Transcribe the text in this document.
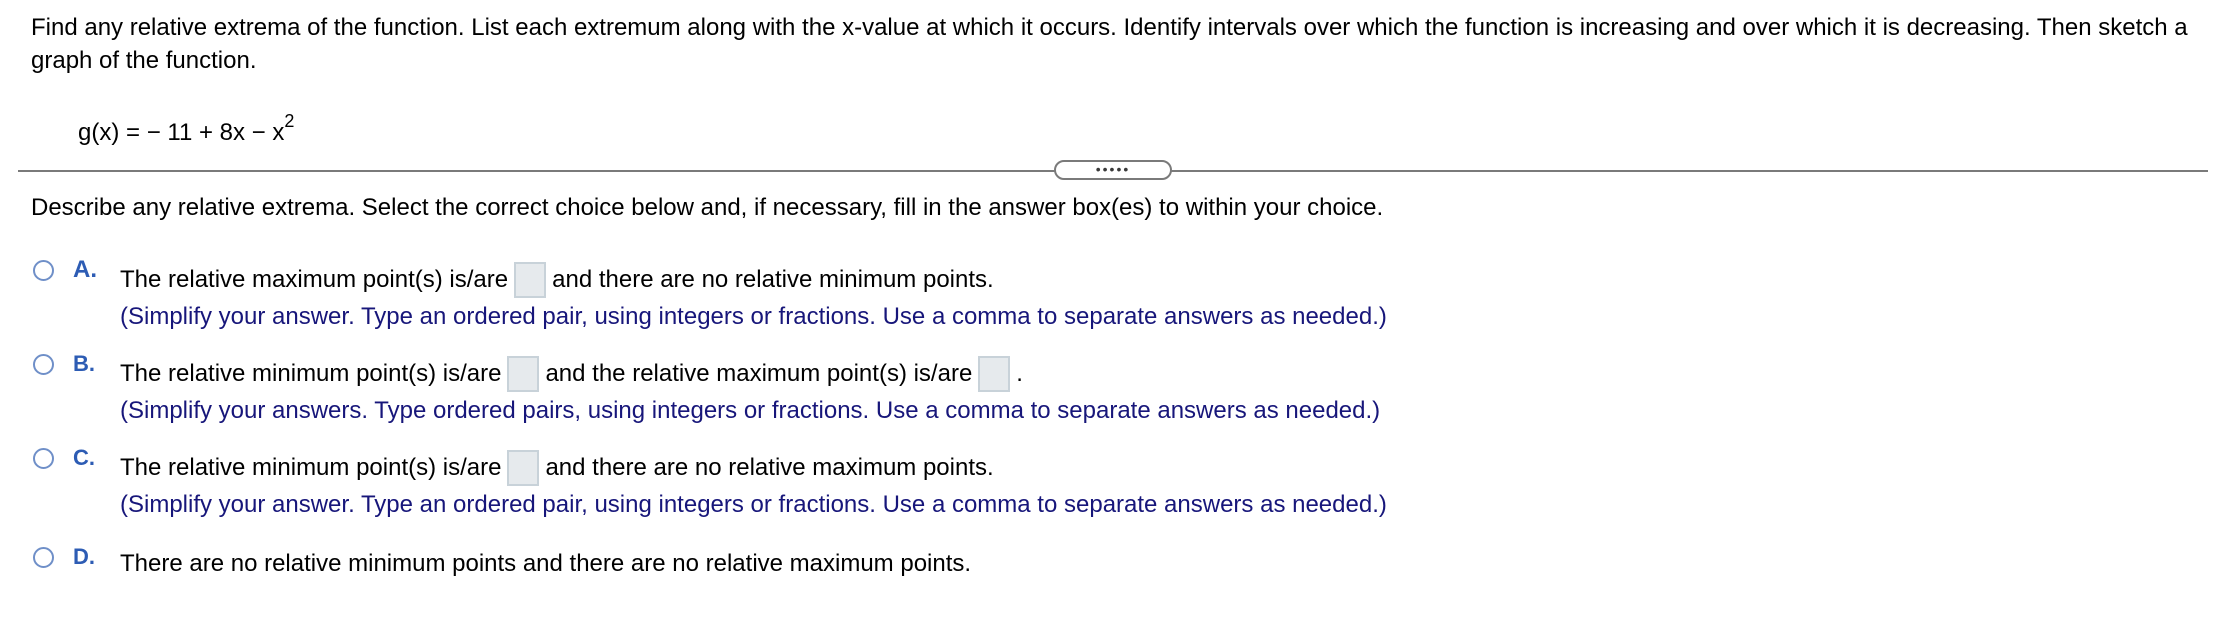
Find any relative extrema of the function. List each extremum along with the x-value at which it occurs. Identify intervals over which the function is increasing and over which it is decreasing. Then sketch a graph of the function.
g(x) = − $11 + 8x - x^2$
•••••
Describe any relative extrema. Select the correct choice below and, if necessary, fill in the answer box(es) to within your choice.
A. The relative maximum point(s) is/are and there are no relative minimum points.
(Simplify your answer. Type an ordered pair, using integers or fractions. Use a comma to separate answers as needed.)
B. The relative minimum point(s) is/are and the relative maximum point(s) is/are .
(Simplify your answers. Type ordered pairs, using integers or fractions. Use a comma to separate answers as needed.)
C. The relative minimum point(s) is/are and there are no relative maximum points.
(Simplify your answer. Type an ordered pair, using integers or fractions. Use a comma to separate answers as needed.)
D. There are no relative minimum points and there are no relative maximum points.
